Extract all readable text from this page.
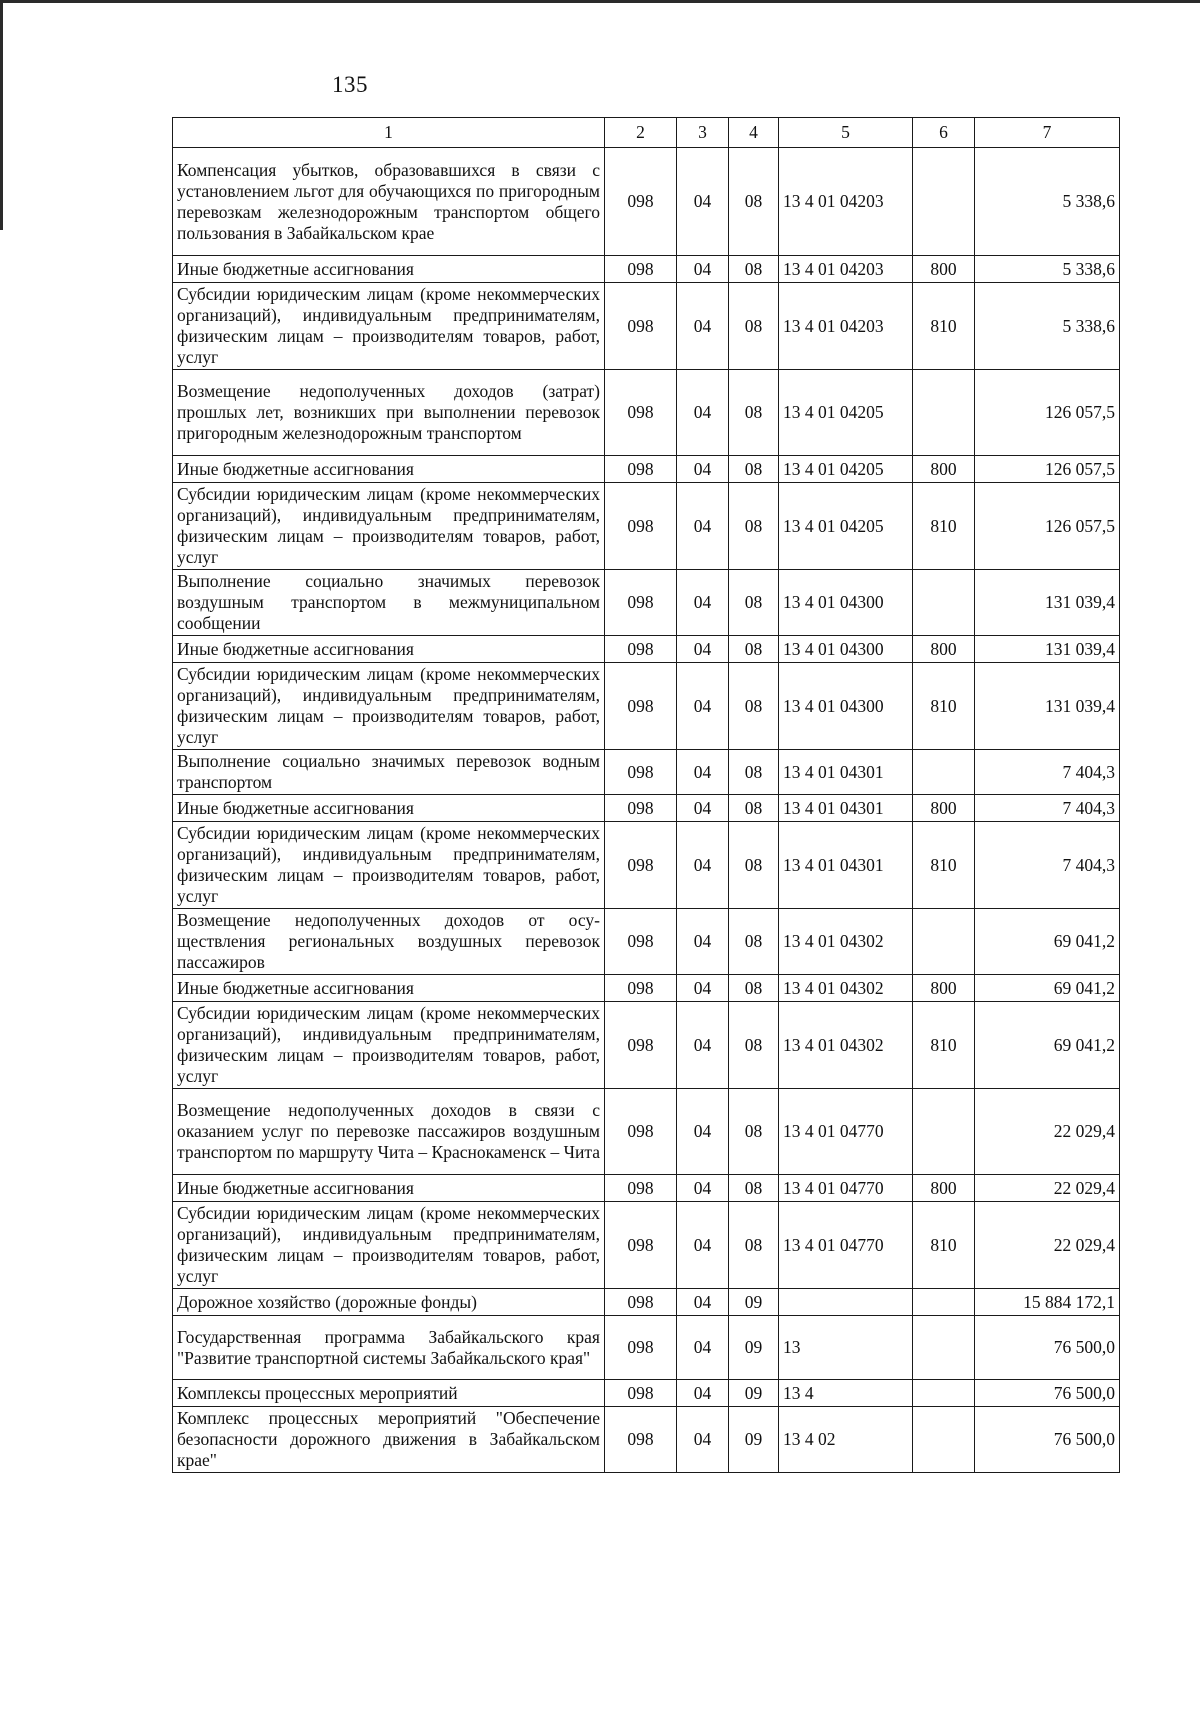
135
1	2	3	4	5	6	7
Компенсация убытков, образовавшихся в связи с установлением льгот для обучающихся по пригородным перевозкам железнодорожным транспортом общего пользования в Забайкальском крае	098	04	08	13 4 01 04203		5 338,6
Иные бюджетные ассигнования	098	04	08	13 4 01 04203	800	5 338,6
Субсидии юридическим лицам (кроме некоммерческих организаций), индивидуальным предпринимателям, физическим лицам – производителям товаров, работ, услуг	098	04	08	13 4 01 04203	810	5 338,6
Возмещение недополученных доходов (затрат) прошлых лет, возникших при выполнении перевозок пригородным железнодорожным транспортом	098	04	08	13 4 01 04205		126 057,5
Иные бюджетные ассигнования	098	04	08	13 4 01 04205	800	126 057,5
Субсидии юридическим лицам (кроме некоммерческих организаций), индивидуальным предпринимателям, физическим лицам – производителям товаров, работ, услуг	098	04	08	13 4 01 04205	810	126 057,5
Выполнение социально значимых перевозок воздушным транспортом в межмуниципальном сообщении	098	04	08	13 4 01 04300		131 039,4
Иные бюджетные ассигнования	098	04	08	13 4 01 04300	800	131 039,4
Субсидии юридическим лицам (кроме некоммерческих организаций), индивидуальным предпринимателям, физическим лицам – производителям товаров, работ, услуг	098	04	08	13 4 01 04300	810	131 039,4
Выполнение социально значимых перевозок водным транспортом	098	04	08	13 4 01 04301		7 404,3
Иные бюджетные ассигнования	098	04	08	13 4 01 04301	800	7 404,3
Субсидии юридическим лицам (кроме некоммерческих организаций), индивидуальным предпринимателям, физическим лицам – производителям товаров, работ, услуг	098	04	08	13 4 01 04301	810	7 404,3
Возмещение недополученных доходов от осуществления региональных воздушных перевозок пассажиров	098	04	08	13 4 01 04302		69 041,2
Иные бюджетные ассигнования	098	04	08	13 4 01 04302	800	69 041,2
Субсидии юридическим лицам (кроме некоммерческих организаций), индивидуальным предпринимателям, физическим лицам – производителям товаров, работ, услуг	098	04	08	13 4 01 04302	810	69 041,2
Возмещение недополученных доходов в связи с оказанием услуг по перевозке пассажиров воздушным транспортом по маршруту Чита – Краснокаменск – Чита	098	04	08	13 4 01 04770		22 029,4
Иные бюджетные ассигнования	098	04	08	13 4 01 04770	800	22 029,4
Субсидии юридическим лицам (кроме некоммерческих организаций), индивидуальным предпринимателям, физическим лицам – производителям товаров, работ, услуг	098	04	08	13 4 01 04770	810	22 029,4
Дорожное хозяйство (дорожные фонды)	098	04	09			15 884 172,1
Государственная программа Забайкальского края "Развитие транспортной системы Забайкальского края"	098	04	09	13		76 500,0
Комплексы процессных мероприятий	098	04	09	13 4		76 500,0
Комплекс процессных мероприятий "Обеспечение безопасности дорожного движения в Забайкальском крае"	098	04	09	13 4 02		76 500,0
